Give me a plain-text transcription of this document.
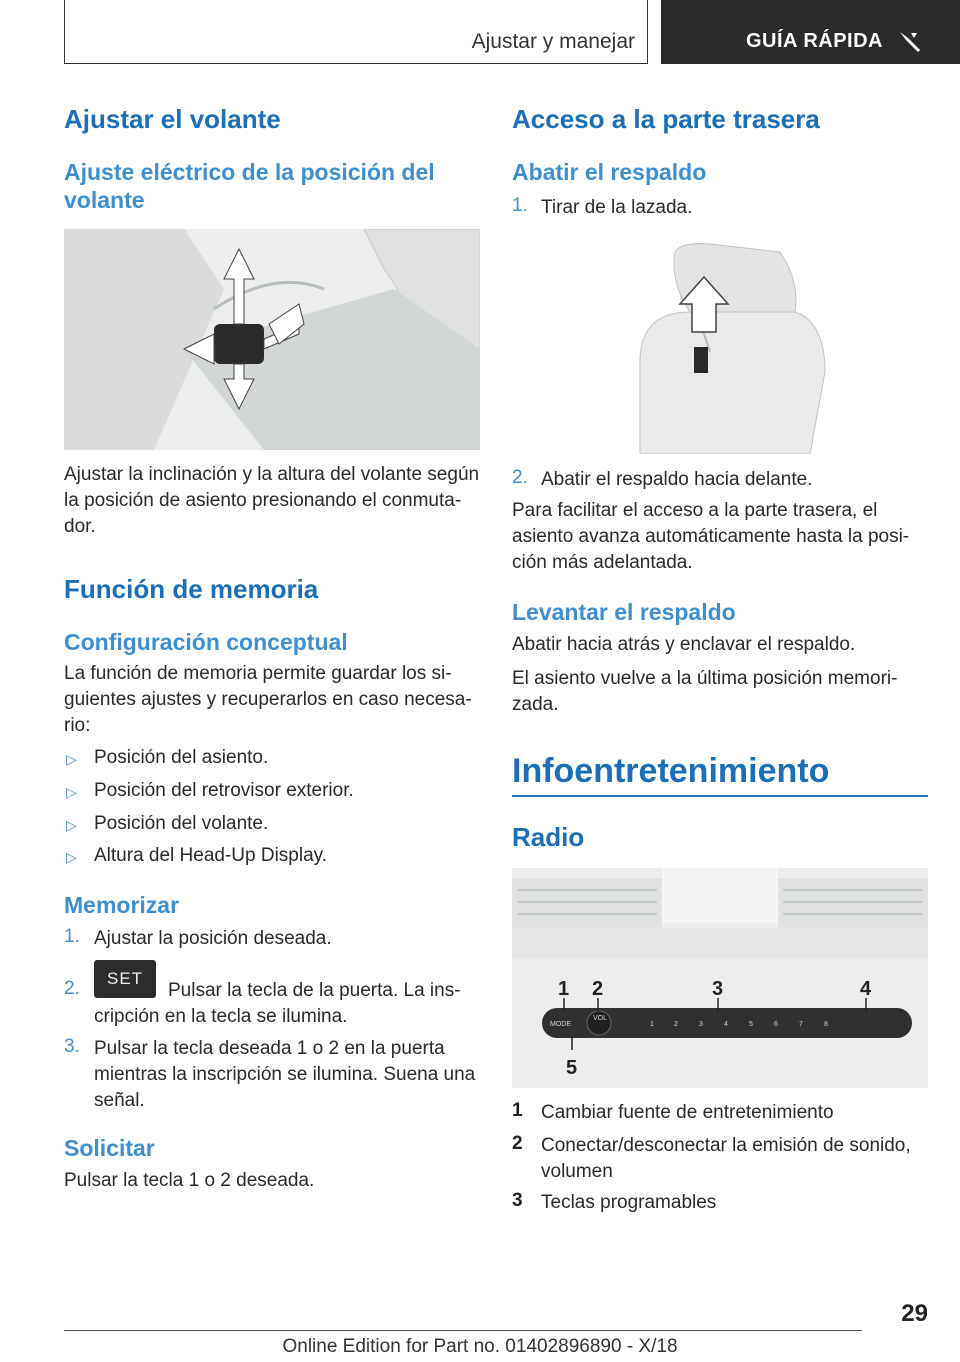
Ajustar y manejar	GUÍA RÁPIDA
Ajustar el volante
Ajuste eléctrico de la posición del
volante
Ajustar la inclinación y la altura del volante según
la posición de asiento presionando el conmuta-
dor.
Función de memoria
Configuración conceptual
La función de memoria permite guardar los si-
guientes ajustes y recuperarlos en caso necesa-
rio:
▷ Posición del asiento.
▷ Posición del retrovisor exterior.
▷ Posición del volante.
▷ Altura del Head-Up Display.
Memorizar
1. Ajustar la posición deseada.
2. SET
Pulsar la tecla de la puerta. La ins-
cripción en la tecla se ilumina.
3. Pulsar la tecla deseada 1 o 2 en la puerta
mientras la inscripción se ilumina. Suena una
señal.
Solicitar
Pulsar la tecla 1 o 2 deseada.
Acceso a la parte trasera
Abatir el respaldo
1. Tirar de la lazada.
2. Abatir el respaldo hacia delante.
Para facilitar el acceso a la parte trasera, el
asiento avanza automáticamente hasta la posi-
ción más adelantada.
Levantar el respaldo
Abatir hacia atrás y enclavar el respaldo.
El asiento vuelve a la última posición memori-
zada.
Infoentretenimiento
Radio
MODE
VOL
1	2	3	4	5	6	7	8
1 2	3	4
5
1 Cambiar fuente de entretenimiento
2 Conectar/desconectar la emisión de sonido,
volumen
3 Teclas programables
29
Online Edition for Part no. 01402896890 - X/18
